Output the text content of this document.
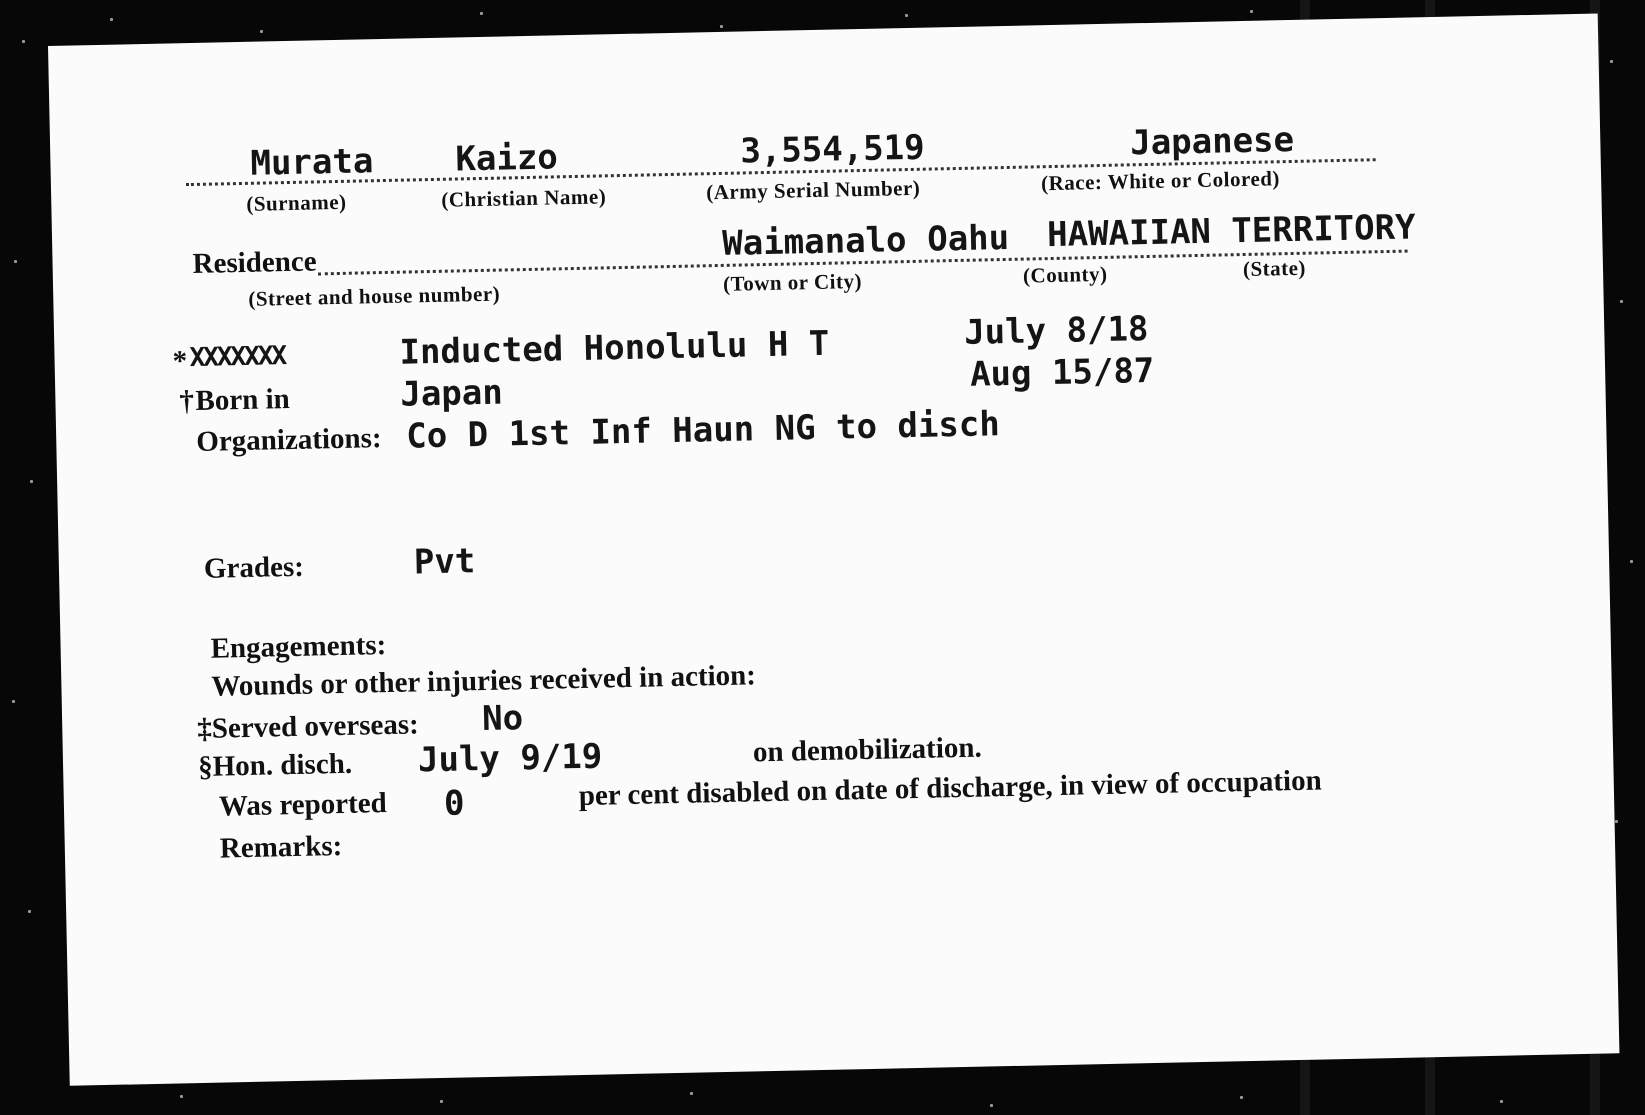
Murata Kaizo	3,554,519	Japanese
(Surname)	(Christian Name)	(Army Serial Number)	(Race: White or Colored)
Residence	Waimanalo Oahu HAWAIIAN TERRITORY
(Street and house number)	(Town or City)	(County)	(State)
* XXXXXXX	Inducted Honolulu H T	July 8/18
† Born in	Japan	Aug 15/87
Organizations: Co D 1st Inf Haun NG to disch
Grades:	Pvt
Engagements:
Wounds or other injuries received in action:
‡Served overseas: No
§Hon. disch. July 9/19	on demobilization.
Was reported 0	per cent disabled on date of discharge, in view of occupation
Remarks:
